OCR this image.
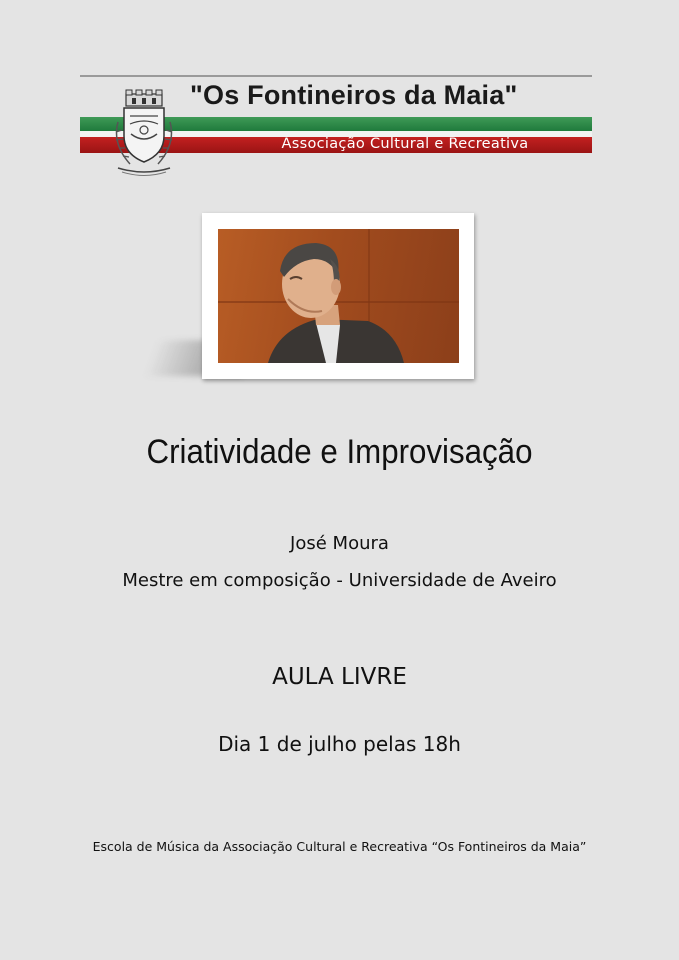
"Os Fontineiros da Maia"
Associação Cultural e Recreativa
Criatividade e Improvisação
José Moura
Mestre em composição - Universidade de Aveiro
AULA LIVRE
Dia 1 de julho pelas 18h
Escola de Música da Associação Cultural e Recreativa “Os Fontineiros da Maia”
